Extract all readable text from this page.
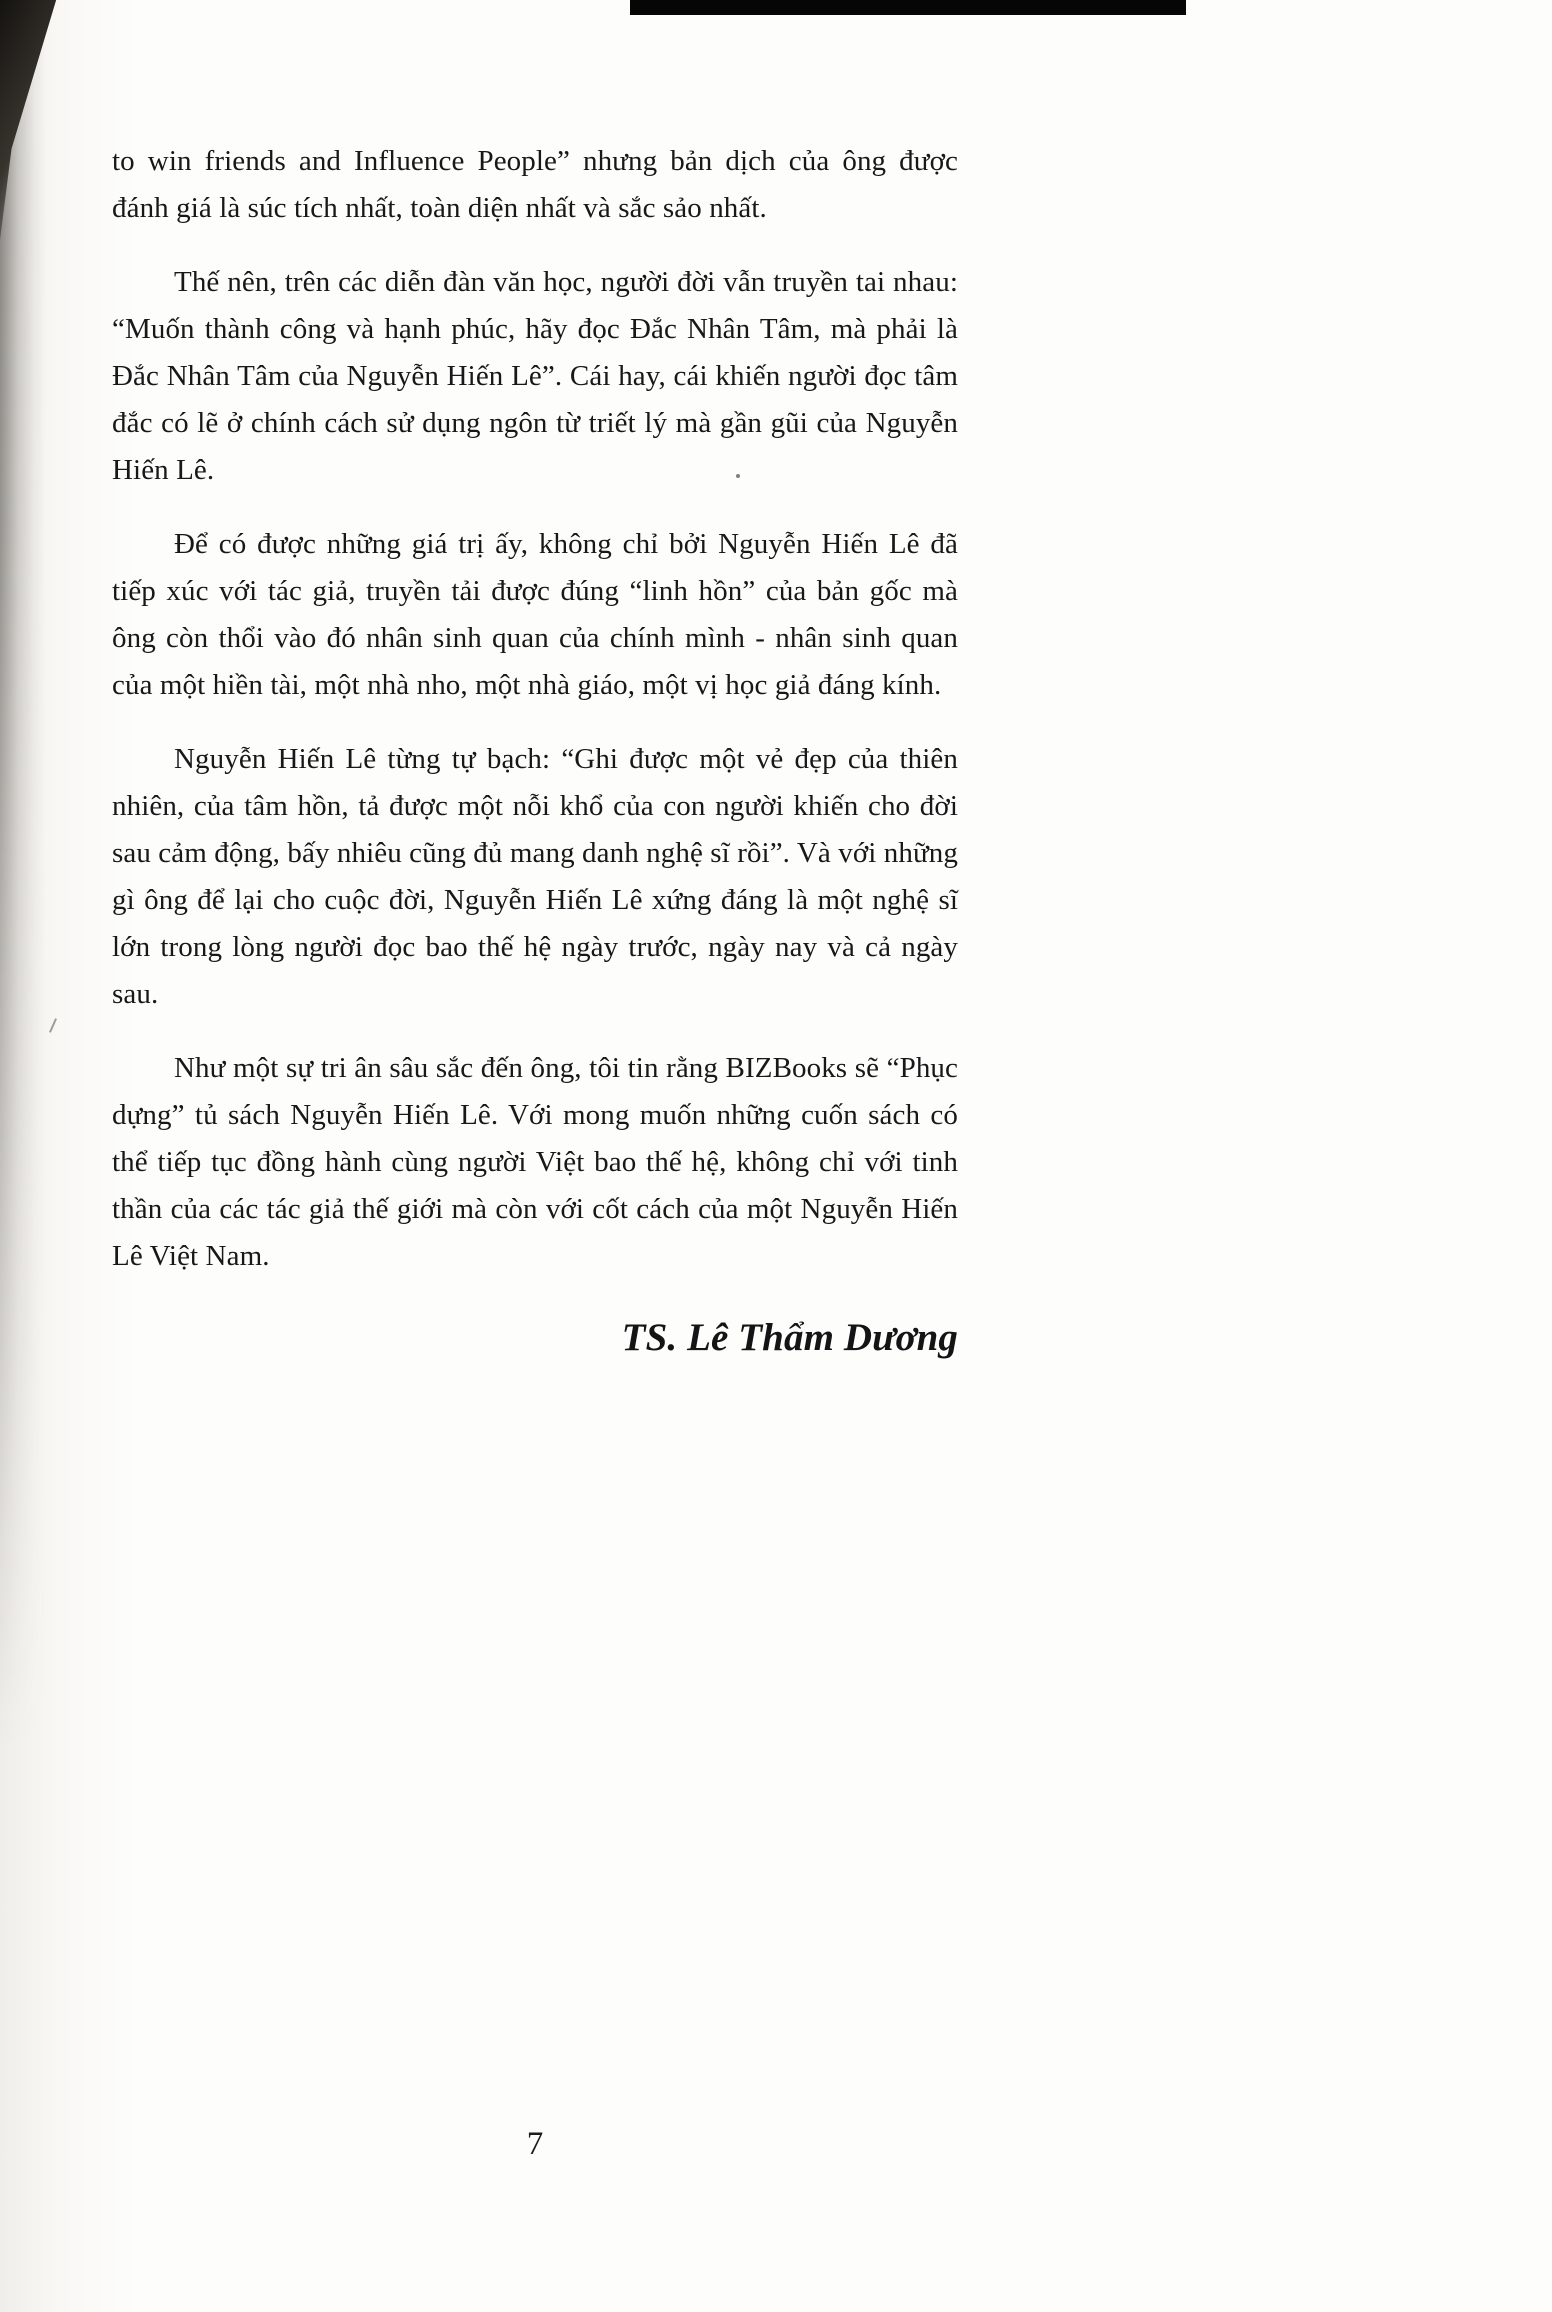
to win friends and Influence People” nhưng bản dịch của ông được đánh giá là súc tích nhất, toàn diện nhất và sắc sảo nhất.

Thế nên, trên các diễn đàn văn học, người đời vẫn truyền tai nhau: “Muốn thành công và hạnh phúc, hãy đọc Đắc Nhân Tâm, mà phải là Đắc Nhân Tâm của Nguyễn Hiến Lê”. Cái hay, cái khiến người đọc tâm đắc có lẽ ở chính cách sử dụng ngôn từ triết lý mà gần gũi của Nguyễn Hiến Lê.

Để có được những giá trị ấy, không chỉ bởi Nguyễn Hiến Lê đã tiếp xúc với tác giả, truyền tải được đúng “linh hồn” của bản gốc mà ông còn thổi vào đó nhân sinh quan của chính mình - nhân sinh quan của một hiền tài, một nhà nho, một nhà giáo, một vị học giả đáng kính.

Nguyễn Hiến Lê từng tự bạch: “Ghi được một vẻ đẹp của thiên nhiên, của tâm hồn, tả được một nỗi khổ của con người khiến cho đời sau cảm động, bấy nhiêu cũng đủ mang danh nghệ sĩ rồi”. Và với những gì ông để lại cho cuộc đời, Nguyễn Hiến Lê xứng đáng là một nghệ sĩ lớn trong lòng người đọc bao thế hệ ngày trước, ngày nay và cả ngày sau.

Như một sự tri ân sâu sắc đến ông, tôi tin rằng BIZBooks sẽ “Phục dựng” tủ sách Nguyễn Hiến Lê. Với mong muốn những cuốn sách có thể tiếp tục đồng hành cùng người Việt bao thế hệ, không chỉ với tinh thần của các tác giả thế giới mà còn với cốt cách của một Nguyễn Hiến Lê Việt Nam.

TS. Lê Thẩm Dương

7
